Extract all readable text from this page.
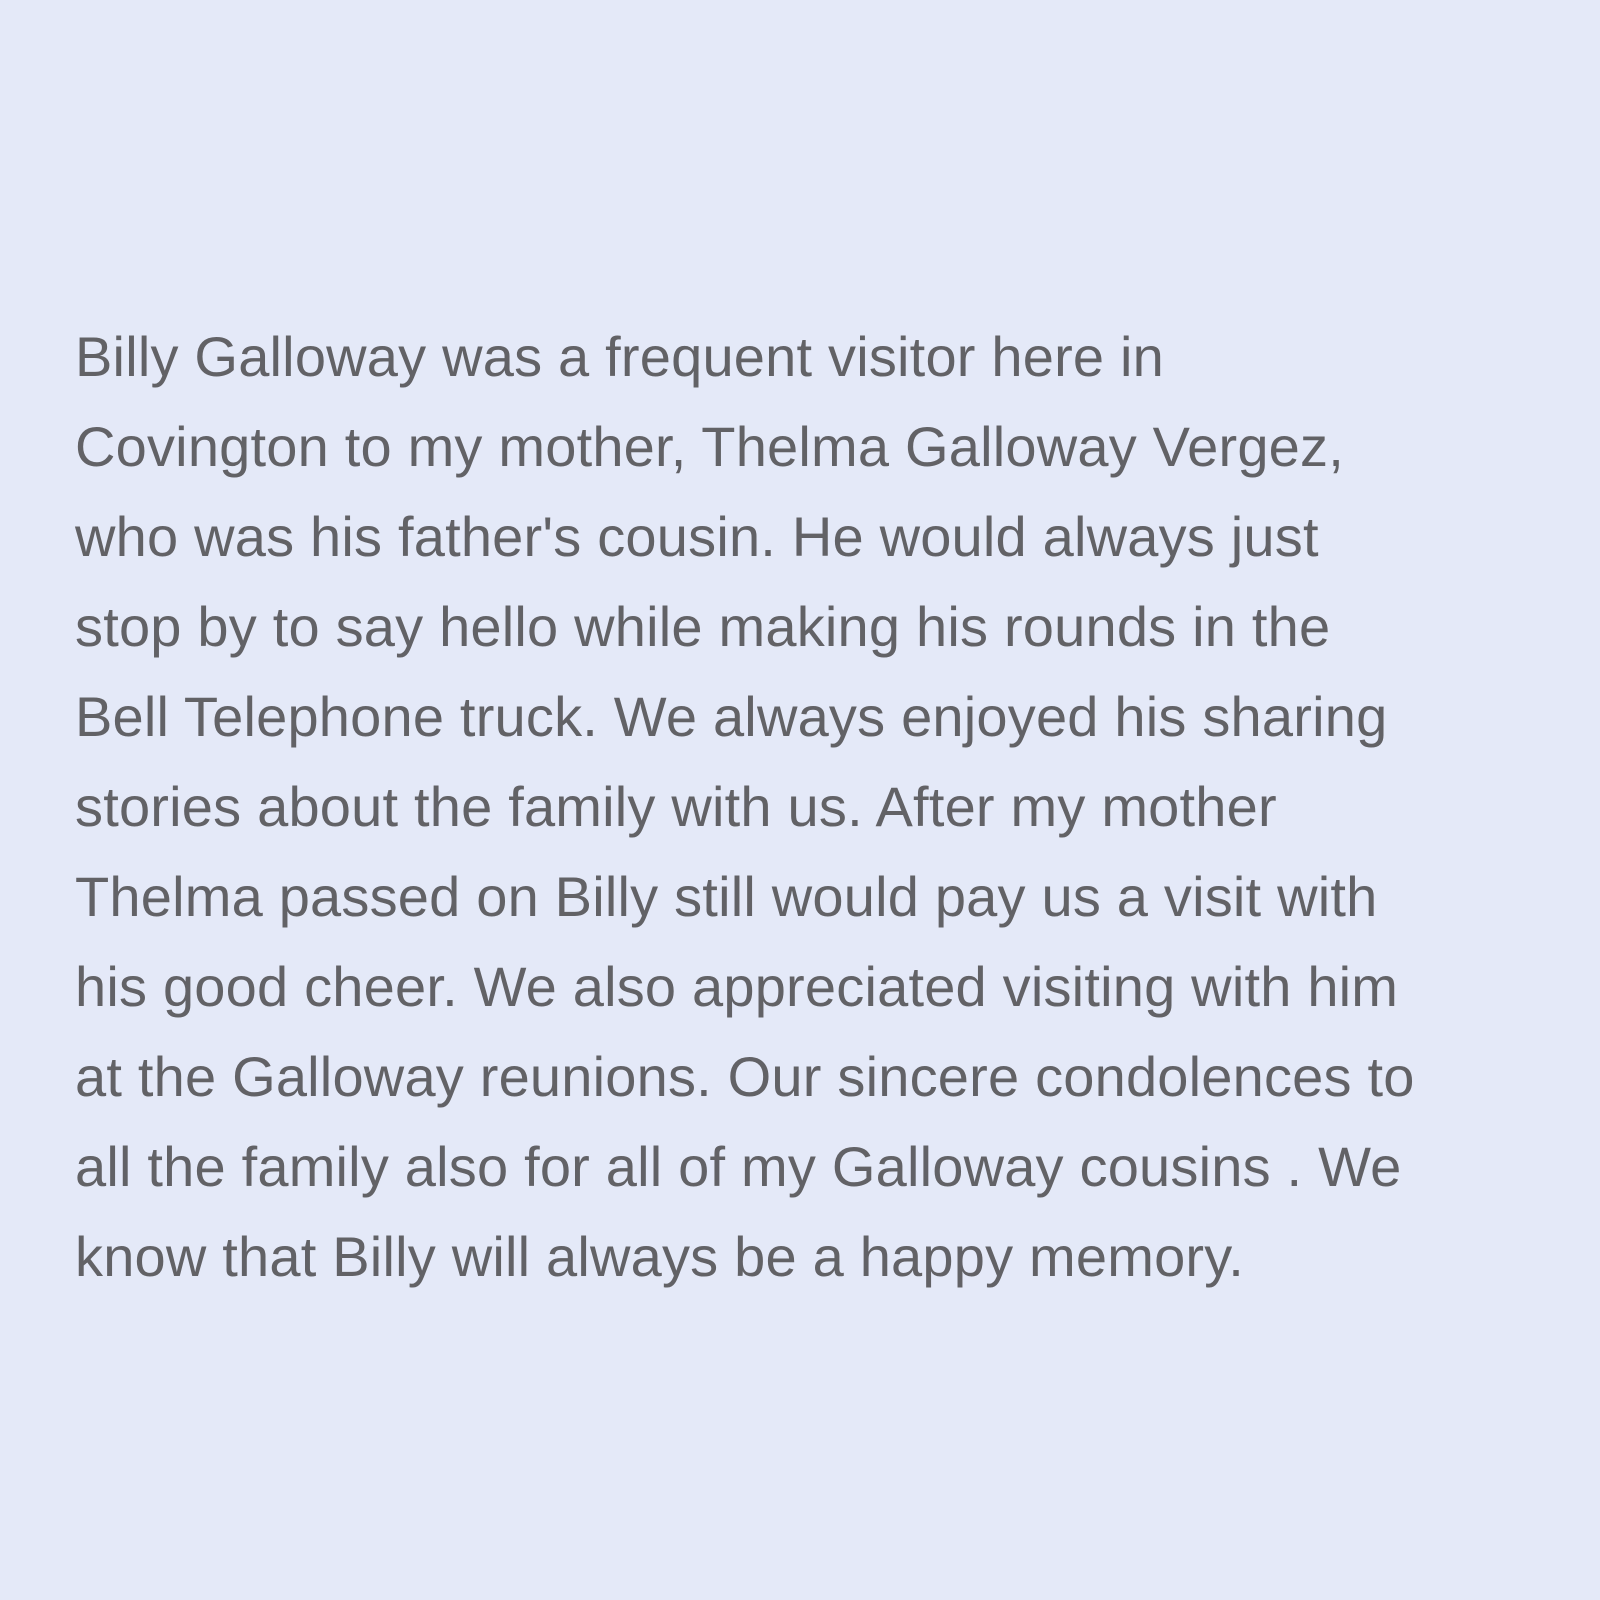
Billy Galloway was a frequent visitor here in
Covington to my mother, Thelma Galloway Vergez,
who was his father's cousin. He would always just
stop by to say hello while making his rounds in the
Bell Telephone truck. We always enjoyed his sharing
stories about the family with us. After my mother
Thelma passed on Billy still would pay us a visit with
his good cheer. We also appreciated visiting with him
at the Galloway reunions. Our sincere condolences to
all the family also for all of my Galloway cousins . We
know that Billy will always be a happy memory.
